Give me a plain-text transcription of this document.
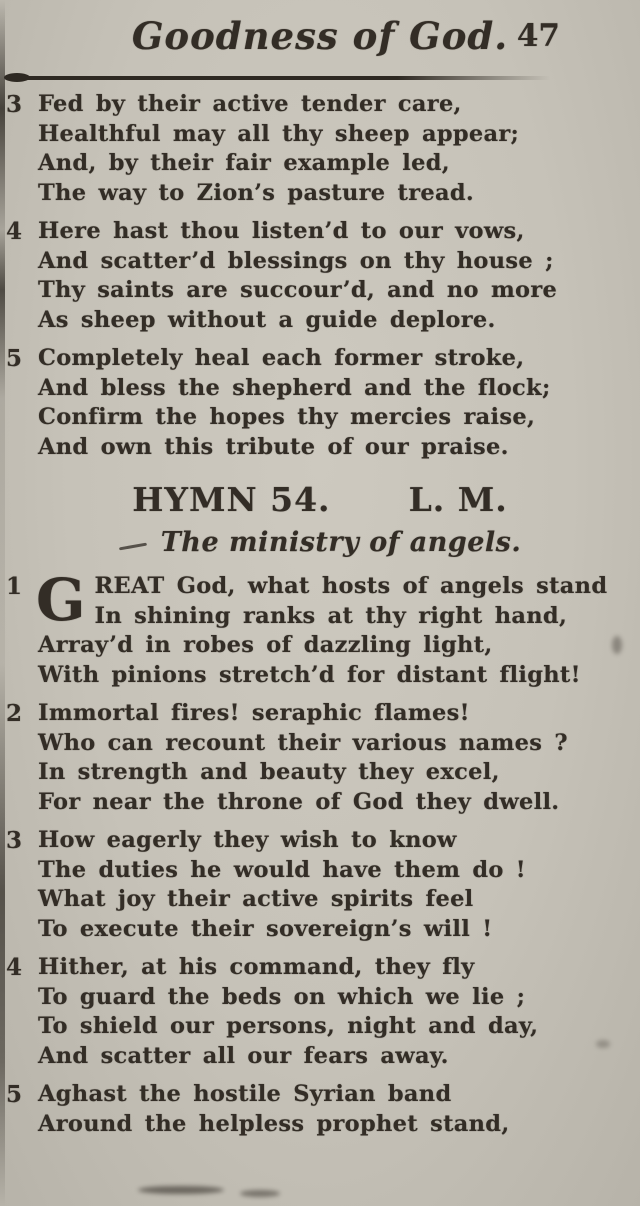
Goodness of God. 47
3 Fed by their active tender care,
Healthful may all thy sheep appear;
And, by their fair example led,
The way to Zion’s pasture tread.
4 Here hast thou listen’d to our vows,
And scatter’d blessings on thy house ;
Thy saints are succour’d, and no more
As sheep without a guide deplore.
5 Completely heal each former stroke,
And bless the shepherd and the flock;
Confirm the hopes thy mercies raise,
And own this tribute of our praise.
HYMN 54. L. M.
The ministry of angels.
1 G REAT God, what hosts of angels stand
In shining ranks at thy right hand,
Array’d in robes of dazzling light,
With pinions stretch’d for distant flight!
2 Immortal fires! seraphic flames!
Who can recount their various names ?
In strength and beauty they excel,
For near the throne of God they dwell.
3 How eagerly they wish to know
The duties he would have them do !
What joy their active spirits feel
To execute their sovereign’s will !
4 Hither, at his command, they fly
To guard the beds on which we lie ;
To shield our persons, night and day,
And scatter all our fears away.
5 Aghast the hostile Syrian band
Around the helpless prophet stand,
